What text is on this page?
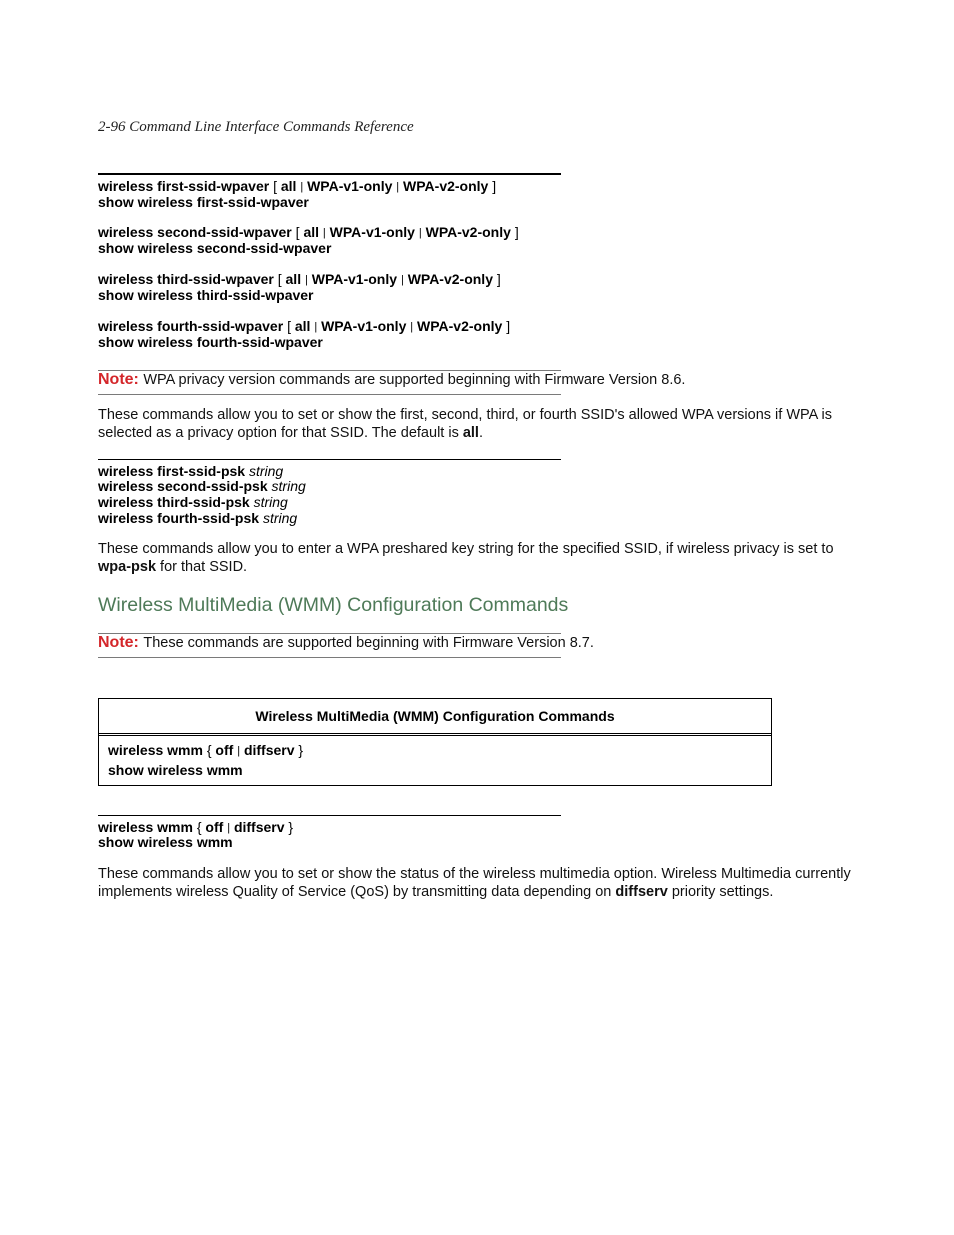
2-96 Command Line Interface Commands Reference
wireless first-ssid-wpaver [ all | WPA-v1-only | WPA-v2-only ]
show wireless first-ssid-wpaver
wireless second-ssid-wpaver [ all | WPA-v1-only | WPA-v2-only ]
show wireless second-ssid-wpaver
wireless third-ssid-wpaver [ all | WPA-v1-only | WPA-v2-only ]
show wireless third-ssid-wpaver
wireless fourth-ssid-wpaver [ all | WPA-v1-only | WPA-v2-only ]
show wireless fourth-ssid-wpaver
Note: WPA privacy version commands are supported beginning with Firmware Version 8.6.
These commands allow you to set or show the first, second, third, or fourth SSID's allowed WPA versions if WPA is selected as a privacy option for that SSID. The default is all.
wireless first-ssid-psk string
wireless second-ssid-psk string
wireless third-ssid-psk string
wireless fourth-ssid-psk string
These commands allow you to enter a WPA preshared key string for the specified SSID, if wireless privacy is set to wpa-psk for that SSID.
Wireless MultiMedia (WMM) Configuration Commands
Note: These commands are supported beginning with Firmware Version 8.7.
Wireless MultiMedia (WMM) Configuration Commands
wireless wmm { off | diffserv }
show wireless wmm
wireless wmm { off | diffserv }
show wireless wmm
These commands allow you to set or show the status of the wireless multimedia option. Wireless Multimedia currently implements wireless Quality of Service (QoS) by transmitting data depending on diffserv priority settings.
